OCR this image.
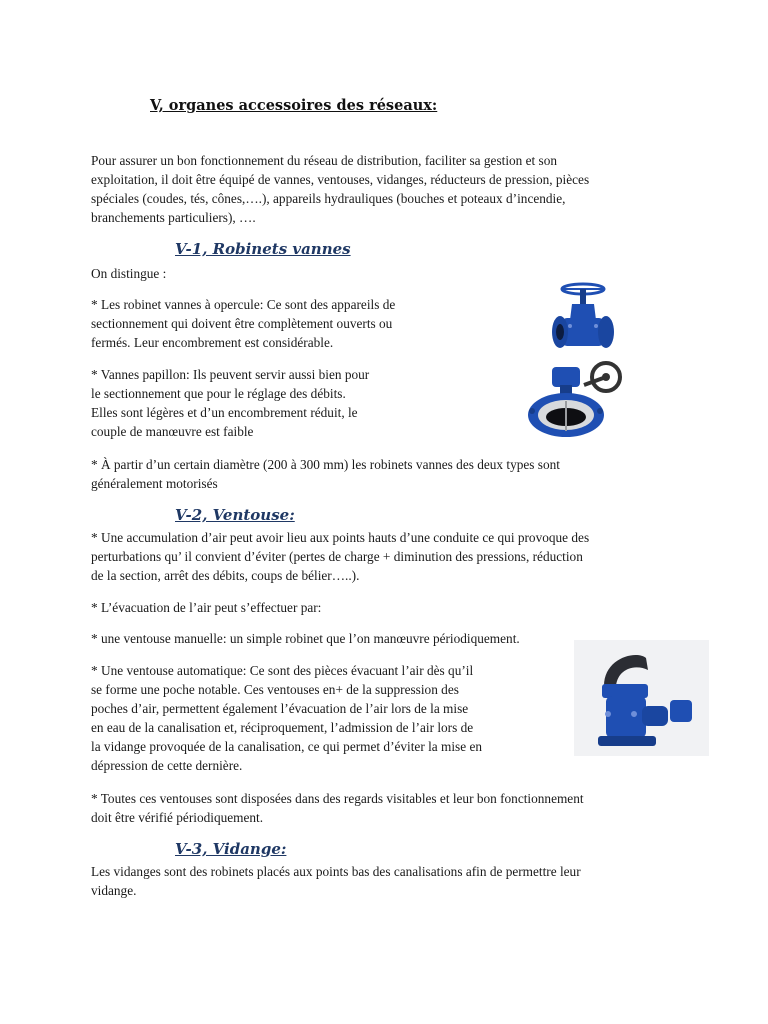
V, organes accessoires des réseaux:
Pour assurer un bon fonctionnement du réseau de distribution, faciliter sa gestion et son
exploitation, il doit être équipé de vannes, ventouses, vidanges, réducteurs de pression, pièces
spéciales (coudes, tés, cônes,….), appareils hydrauliques (bouches et poteaux d’incendie,
branchements particuliers), ….
V-1, Robinets vannes
On distingue :
* Les robinet vannes à opercule: Ce sont des appareils de
sectionnement qui doivent être complètement ouverts ou
fermés. Leur encombrement est considérable.
* Vannes papillon: Ils peuvent servir aussi bien pour
le sectionnement que pour le réglage des débits.
Elles sont légères et d’un encombrement réduit, le
couple de manœuvre est faible
* À partir d’un certain diamètre (200 à 300 mm) les robinets vannes des deux types sont
généralement motorisés
V-2, Ventouse:
* Une accumulation d’air peut avoir lieu aux points hauts d’une conduite ce qui provoque des
perturbations qu’ il convient d’éviter (pertes de charge + diminution des pressions, réduction
de la section, arrêt des débits, coups de bélier…..).
* L’évacuation de l’air peut s’effectuer par:
* une ventouse manuelle: un simple robinet que l’on manœuvre périodiquement.
* Une ventouse automatique: Ce sont des pièces évacuant l’air dès qu’il
se forme une poche notable. Ces ventouses en+ de la suppression des
poches d’air, permettent également l’évacuation de l’air lors de la mise
en eau de la canalisation et, réciproquement, l’admission de l’air lors de
la vidange provoquée de la canalisation, ce qui permet d’éviter la mise en
dépression de cette dernière.
* Toutes ces ventouses sont disposées dans des regards visitables et leur bon fonctionnement
doit être vérifié périodiquement.
V-3, Vidange:
Les vidanges sont des robinets placés aux points bas des canalisations afin de permettre leur
vidange.
